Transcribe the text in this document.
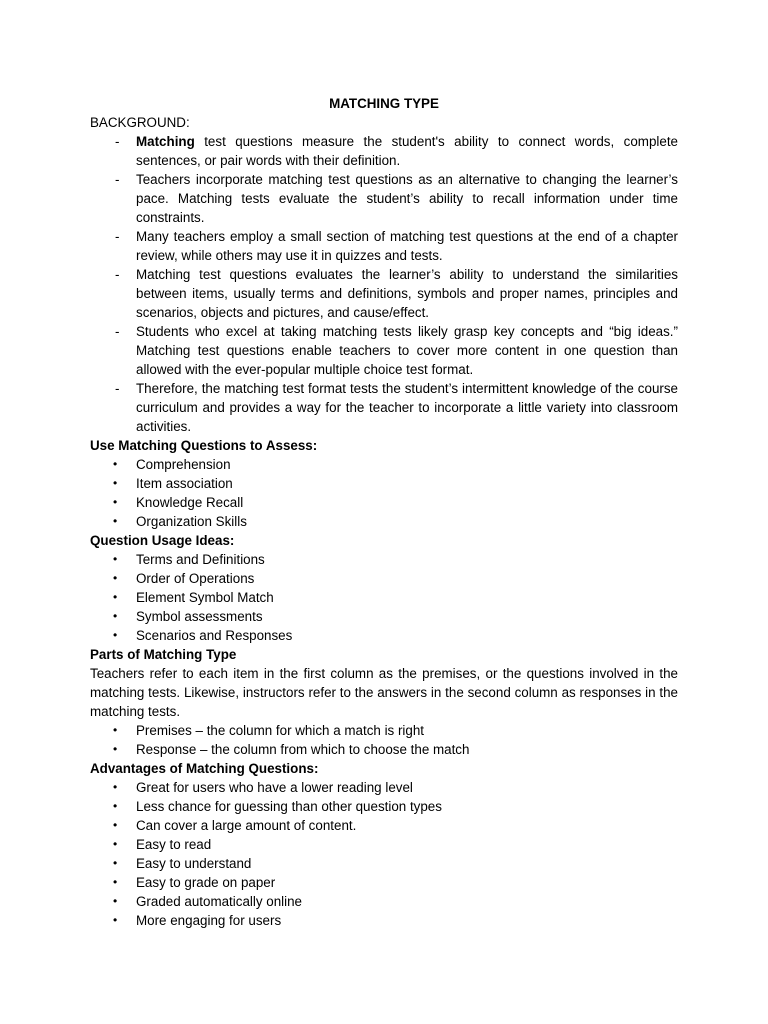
MATCHING TYPE

BACKGROUND:

-	Matching test questions measure the student's ability to connect words, complete sentences, or pair words with their definition.
-	Teachers incorporate matching test questions as an alternative to changing the learner’s pace. Matching tests evaluate the student’s ability to recall information under time constraints.
-	Many teachers employ a small section of matching test questions at the end of a chapter review, while others may use it in quizzes and tests.
-	Matching test questions evaluates the learner’s ability to understand the similarities between items, usually terms and definitions, symbols and proper names, principles and scenarios, objects and pictures, and cause/effect.
-	Students who excel at taking matching tests likely grasp key concepts and “big ideas.” Matching test questions enable teachers to cover more content in one question than allowed with the ever-popular multiple choice test format.
-	Therefore, the matching test format tests the student’s intermittent knowledge of the course curriculum and provides a way for the teacher to incorporate a little variety into classroom activities.

Use Matching Questions to Assess:

•	Comprehension
•	Item association
•	Knowledge Recall
•	Organization Skills

Question Usage Ideas:

•	Terms and Definitions
•	Order of Operations
•	Element Symbol Match
•	Symbol assessments
•	Scenarios and Responses

Parts of Matching Type

Teachers refer to each item in the first column as the premises, or the questions involved in the matching tests. Likewise, instructors refer to the answers in the second column as responses in the matching tests.

•	Premises – the column for which a match is right
•	Response – the column from which to choose the match

Advantages of Matching Questions:

•	Great for users who have a lower reading level
•	Less chance for guessing than other question types
•	Can cover a large amount of content.
•	Easy to read
•	Easy to understand
•	Easy to grade on paper
•	Graded automatically online
•	More engaging for users
